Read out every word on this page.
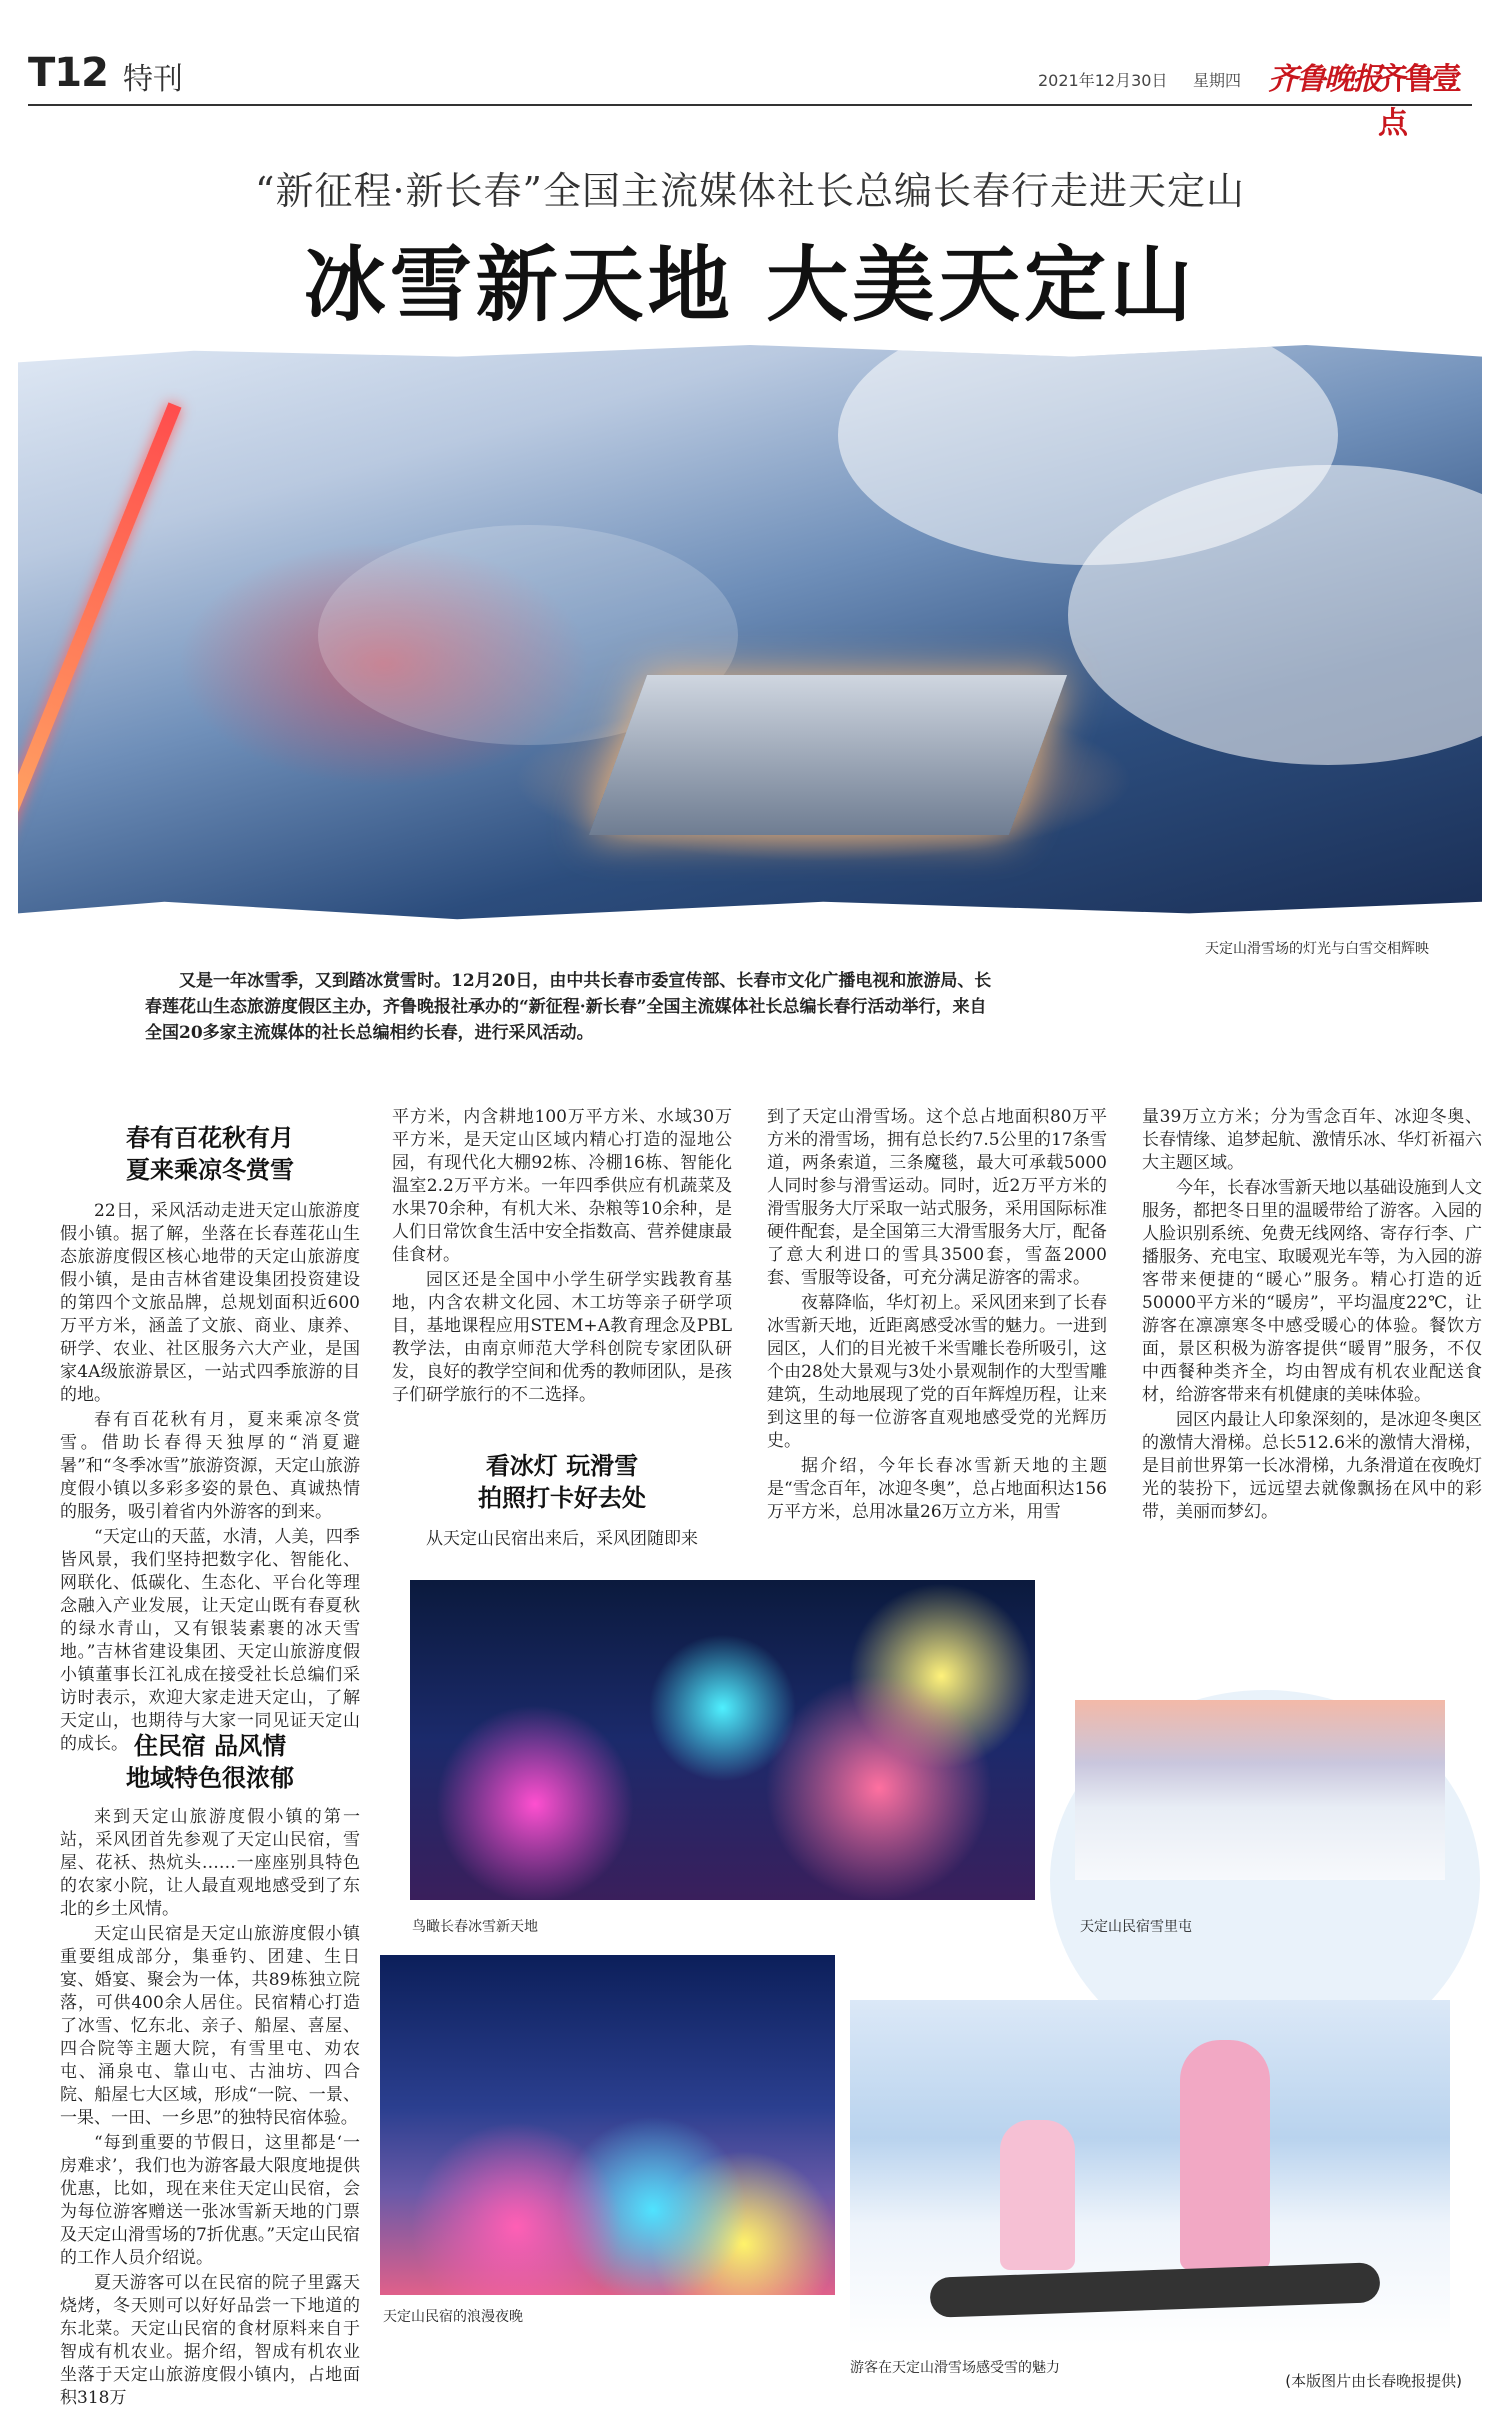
T12 特刊	2021年12月30日 星期四 齐鲁晚报
齐鲁壹点
“新征程·新长春”全国主流媒体社长总编长春行走进天定山
冰雪新天地 大美天定山
天定山滑雪场的灯光与白雪交相辉映
又是一年冰雪季，又到踏冰赏雪时。12月20日，由中共长春市委宣传部、长春市文化广播电视和旅游局、长春莲花山生态旅游度假区主办，齐鲁晚报社承办的“新征程·新长春”全国主流媒体社长总编长春行活动举行，来自全国20多家主流媒体的社长总编相约长春，进行采风活动。
春有百花秋有月
夏来乘凉冬赏雪

22日，采风活动走进天定山旅游度假小镇。据了解，坐落在长春莲花山生态旅游度假区核心地带的天定山旅游度假小镇，是由吉林省建设集团投资建设的第四个文旅品牌，总规划面积近600万平方米，涵盖了文旅、商业、康养、研学、农业、社区服务六大产业，是国家4A级旅游景区，一站式四季旅游的目的地。

春有百花秋有月，夏来乘凉冬赏雪。借助长春得天独厚的“消夏避暑”和“冬季冰雪”旅游资源，天定山旅游度假小镇以多彩多姿的景色、真诚热情的服务，吸引着省内外游客的到来。

“天定山的天蓝，水清，人美，四季皆风景，我们坚持把数字化、智能化、网联化、低碳化、生态化、平台化等理念融入产业发展，让天定山既有春夏秋的绿水青山，又有银装素裹的冰天雪地。”吉林省建设集团、天定山旅游度假小镇董事长江礼成在接受社长总编们采访时表示，欢迎大家走进天定山，了解天定山，也期待与大家一同见证天定山的成长。 住民宿 品风情
地域特色很浓郁

来到天定山旅游度假小镇的第一站，采风团首先参观了天定山民宿，雪屋、花袄、热炕头……一座座别具特色的农家小院，让人最直观地感受到了东北的乡土风情。

天定山民宿是天定山旅游度假小镇重要组成部分，集垂钓、团建、生日宴、婚宴、聚会为一体，共89栋独立院落，可供400余人居住。民宿精心打造了冰雪、忆东北、亲子、船屋、喜屋、四合院等主题大院，有雪里屯、劝农屯、涌泉屯、靠山屯、古油坊、四合院、船屋七大区域，形成“一院、一景、一果、一田、一乡思”的独特民宿体验。

“每到重要的节假日，这里都是‘一房难求’，我们也为游客最大限度地提供优惠，比如，现在来住天定山民宿，会为每位游客赠送一张冰雪新天地的门票及天定山滑雪场的7折优惠。”天定山民宿的工作人员介绍说。

夏天游客可以在民宿的院子里露天烧烤，冬天则可以好好品尝一下地道的东北菜。天定山民宿的食材原料来自于智成有机农业。据介绍，智成有机农业坐落于天定山旅游度假小镇内，占地面积318万

平方米，内含耕地100万平方米、水域30万平方米，是天定山区域内精心打造的湿地公园，有现代化大棚92栋、冷棚16栋、智能化温室2.2万平方米。一年四季供应有机蔬菜及水果70余种，有机大米、杂粮等10余种，是人们日常饮食生活中安全指数高、营养健康最佳食材。

园区还是全国中小学生研学实践教育基地，内含农耕文化园、木工坊等亲子研学项目，基地课程应用STEM+A教育理念及PBL教学法，由南京师范大学科创院专家团队研发，良好的教学空间和优秀的教师团队，是孩子们研学旅行的不二选择。

看冰灯 玩滑雪
拍照打卡好去处

从天定山民宿出来后，采风团随即来

到了天定山滑雪场。这个总占地面积80万平方米的滑雪场，拥有总长约7.5公里的17条雪道，两条索道，三条魔毯，最大可承载5000人同时参与滑雪运动。同时，近2万平方米的滑雪服务大厅采取一站式服务，采用国际标准硬件配套，是全国第三大滑雪服务大厅，配备了意大利进口的雪具3500套，雪盔2000套、雪服等设备，可充分满足游客的需求。

夜幕降临，华灯初上。采风团来到了长春冰雪新天地，近距离感受冰雪的魅力。一进到园区，人们的目光被千米雪雕长卷所吸引，这个由28处大景观与3处小景观制作的大型雪雕建筑，生动地展现了党的百年辉煌历程，让来到这里的每一位游客直观地感受党的光辉历史。

据介绍，今年长春冰雪新天地的主题是“雪念百年，冰迎冬奥”，总占地面积达156万平方米，总用冰量26万立方米，用雪

量39万立方米；分为雪念百年、冰迎冬奥、长春情缘、追梦起航、激情乐冰、华灯祈福六大主题区域。

今年，长春冰雪新天地以基础设施到人文服务，都把冬日里的温暖带给了游客。入园的人脸识别系统、免费无线网络、寄存行李、广播服务、充电宝、取暖观光车等，为入园的游客带来便捷的“暖心”服务。精心打造的近50000平方米的“暖房”，平均温度22℃，让游客在凛凛寒冬中感受暖心的体验。餐饮方面，景区积极为游客提供“暖胃”服务，不仅中西餐种类齐全，均由智成有机农业配送食材，给游客带来有机健康的美味体验。

园区内最让人印象深刻的，是冰迎冬奥区的激情大滑梯。总长512.6米的激情大滑梯，是目前世界第一长冰滑梯，九条滑道在夜晚灯光的装扮下，远远望去就像飘扬在风中的彩带，美丽而梦幻。

鸟瞰长春冰雪新天地	天定山民宿雪里屯
天定山民宿的浪漫夜晚
游客在天定山滑雪场感受雪的魅力
(本版图片由长春晚报提供)
